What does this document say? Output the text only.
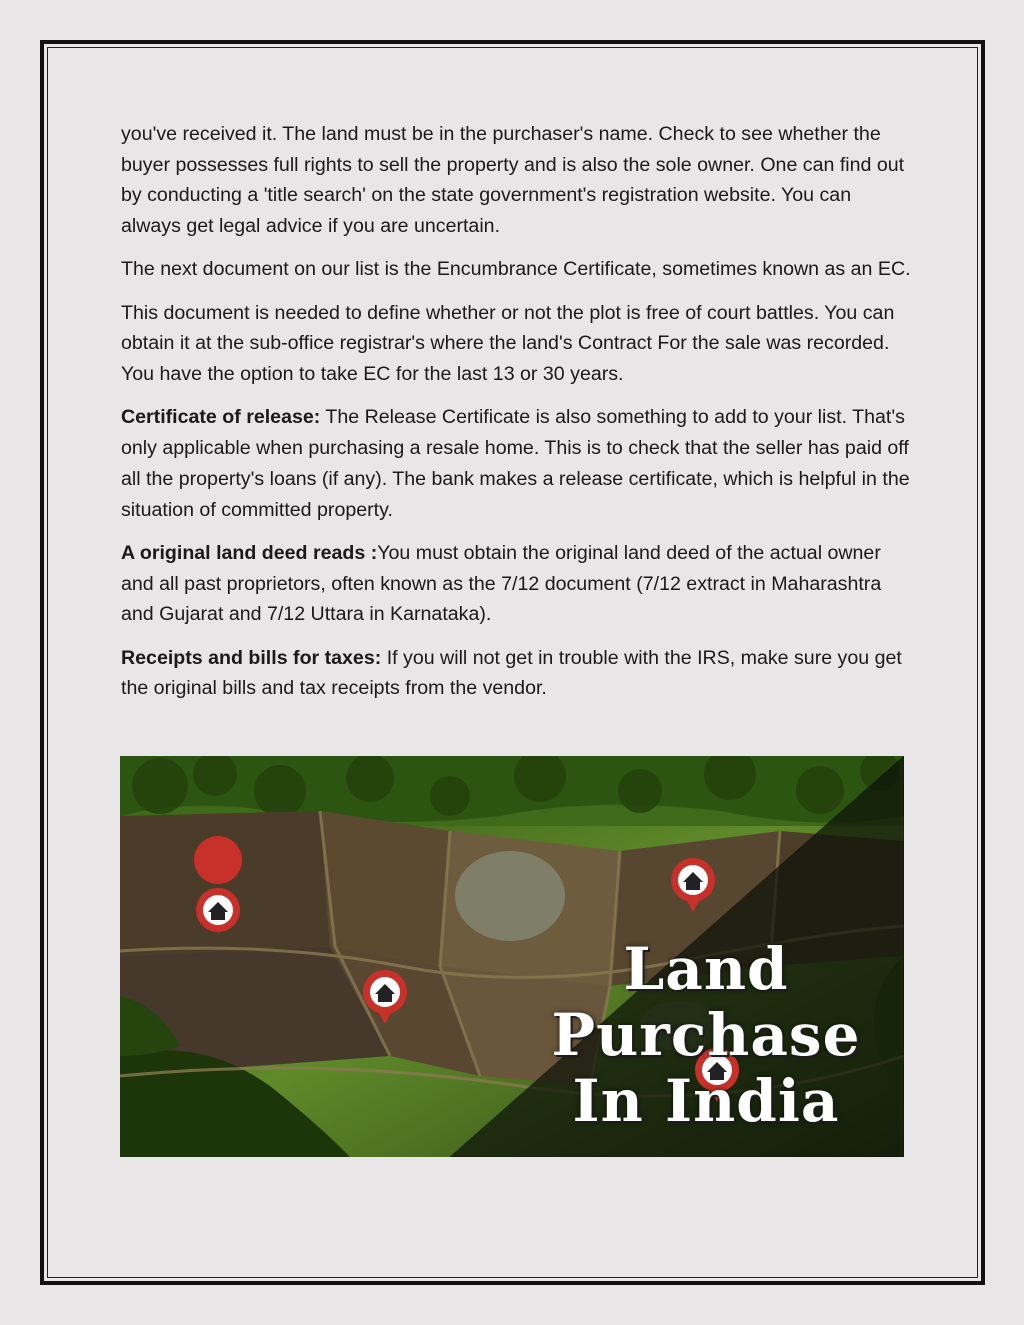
you've received it. The land must be in the purchaser's name. Check to see whether the buyer possesses full rights to sell the property and is also the sole owner. One can find out by conducting a 'title search' on the state government's registration website. You can always get legal advice if you are uncertain.

The next document on our list is the Encumbrance Certificate, sometimes known as an EC.

This document is needed to define whether or not the plot is free of court battles. You can obtain it at the sub-office registrar's where the land's Contract For the sale was recorded. You have the option to take EC for the last 13 or 30 years.

Certificate of release: The Release Certificate is also something to add to your list. That's only applicable when purchasing a resale home. This is to check that the seller has paid off all the property's loans (if any). The bank makes a release certificate, which is helpful in the situation of committed property.

A original land deed reads :You must obtain the original land deed of the actual owner and all past proprietors, often known as the 7/12 document (7/12 extract in Maharashtra and Gujarat and 7/12 Uttara in Karnataka).

Receipts and bills for taxes: If you will not get in trouble with the IRS, make sure you get the original bills and tax receipts from the vendor.

Land
Purchase
In India
